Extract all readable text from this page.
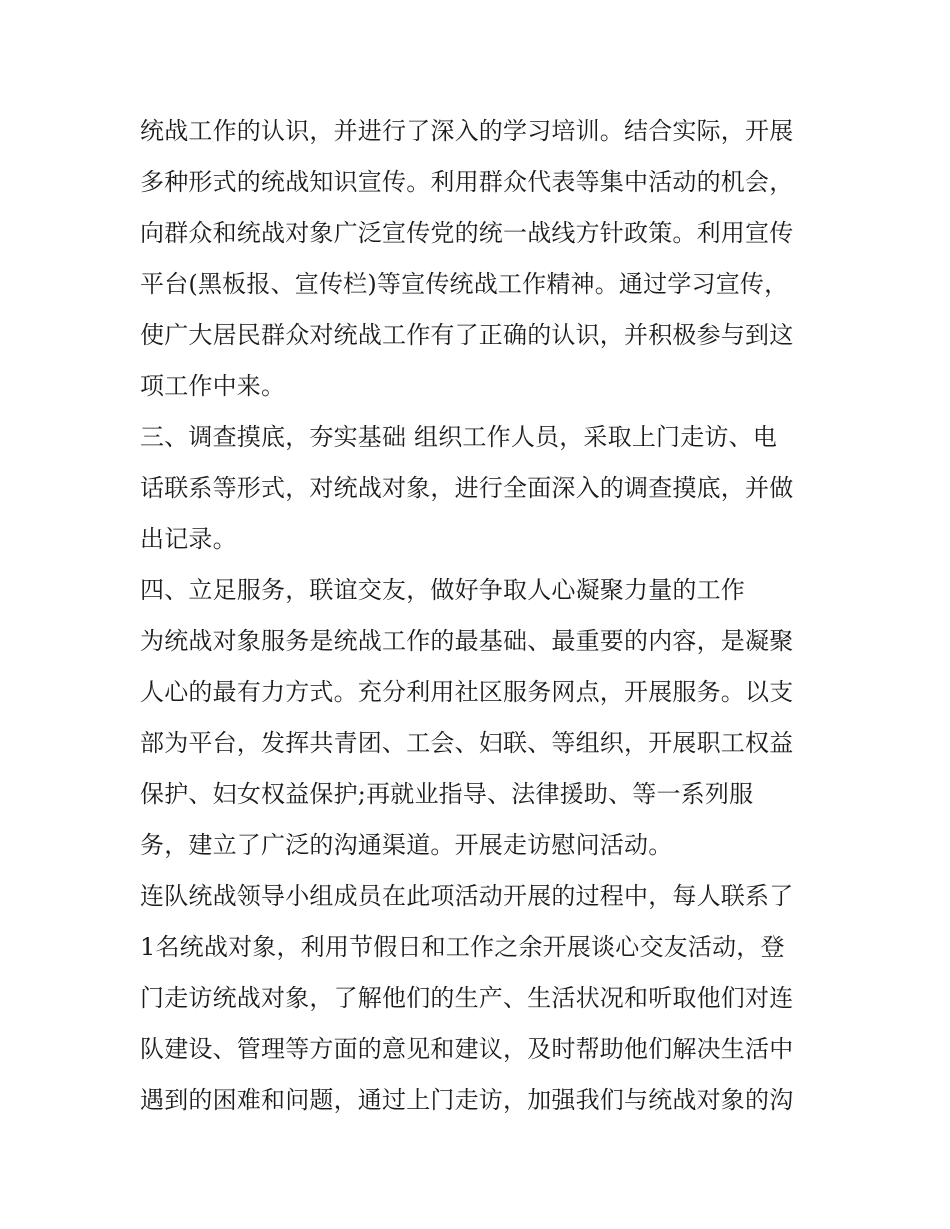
统战工作的认识，并进行了深入的学习培训。结合实际，开展
多种形式的统战知识宣传。利用群众代表等集中活动的机会，
向群众和统战对象广泛宣传党的统一战线方针政策。利用宣传
平台(黑板报、宣传栏)等宣传统战工作精神。通过学习宣传，
使广大居民群众对统战工作有了正确的认识，并积极参与到这
项工作中来。
三、调查摸底，夯实基础 组织工作人员，采取上门走访、电
话联系等形式，对统战对象，进行全面深入的调查摸底，并做
出记录。
四、立足服务，联谊交友，做好争取人心凝聚力量的工作
为统战对象服务是统战工作的最基础、最重要的内容，是凝聚
人心的最有力方式。充分利用社区服务网点，开展服务。以支
部为平台，发挥共青团、工会、妇联、等组织，开展职工权益
保护、妇女权益保护;再就业指导、法律援助、等一系列服
务，建立了广泛的沟通渠道。开展走访慰问活动。
连队统战领导小组成员在此项活动开展的过程中，每人联系了
1名统战对象，利用节假日和工作之余开展谈心交友活动，登
门走访统战对象，了解他们的生产、生活状况和听取他们对连
队建设、管理等方面的意见和建议，及时帮助他们解决生活中
遇到的困难和问题，通过上门走访，加强我们与统战对象的沟
